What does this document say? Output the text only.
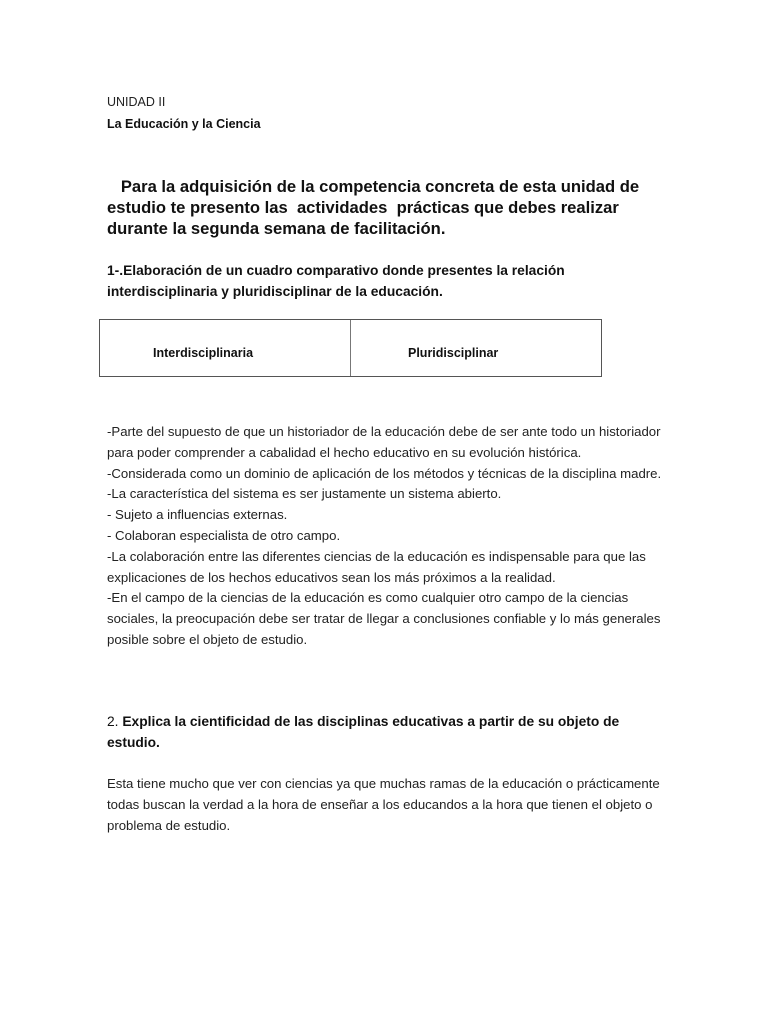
UNIDAD II
La Educación y la Ciencia
Para la adquisición de la competencia concreta de esta unidad de estudio te presento las  actividades  prácticas que debes realizar durante la segunda semana de facilitación.
1-.Elaboración de un cuadro comparativo donde presentes la relación interdisciplinaria y pluridisciplinar de la educación.
Interdisciplinaria	Pluridisciplinar

-Parte del supuesto de que un historiador de la educación debe de ser ante todo un historiador para poder comprender a cabalidad el hecho educativo en su evolución histórica.

-Considerada como un dominio de aplicación de los métodos y técnicas de la disciplina madre.

-La característica del sistema es ser justamente un sistema abierto.

- Sujeto a influencias externas.

- Colaboran especialista de otro campo.

-La colaboración entre las diferentes ciencias de la educación es indispensable para que las explicaciones de los hechos educativos sean los más próximos a la realidad.

-En el campo de la ciencias de la educación es como cualquier otro campo de la ciencias sociales, la preocupación debe ser tratar de llegar a conclusiones confiable y lo más generales posible sobre el objeto de estudio.

2. Explica la cientificidad de las disciplinas educativas a partir de su objeto de estudio.
Esta tiene mucho que ver con ciencias ya que muchas ramas de la educación o prácticamente todas buscan la verdad a la hora de enseñar a los educandos a la hora que tienen el objeto o problema de estudio.
